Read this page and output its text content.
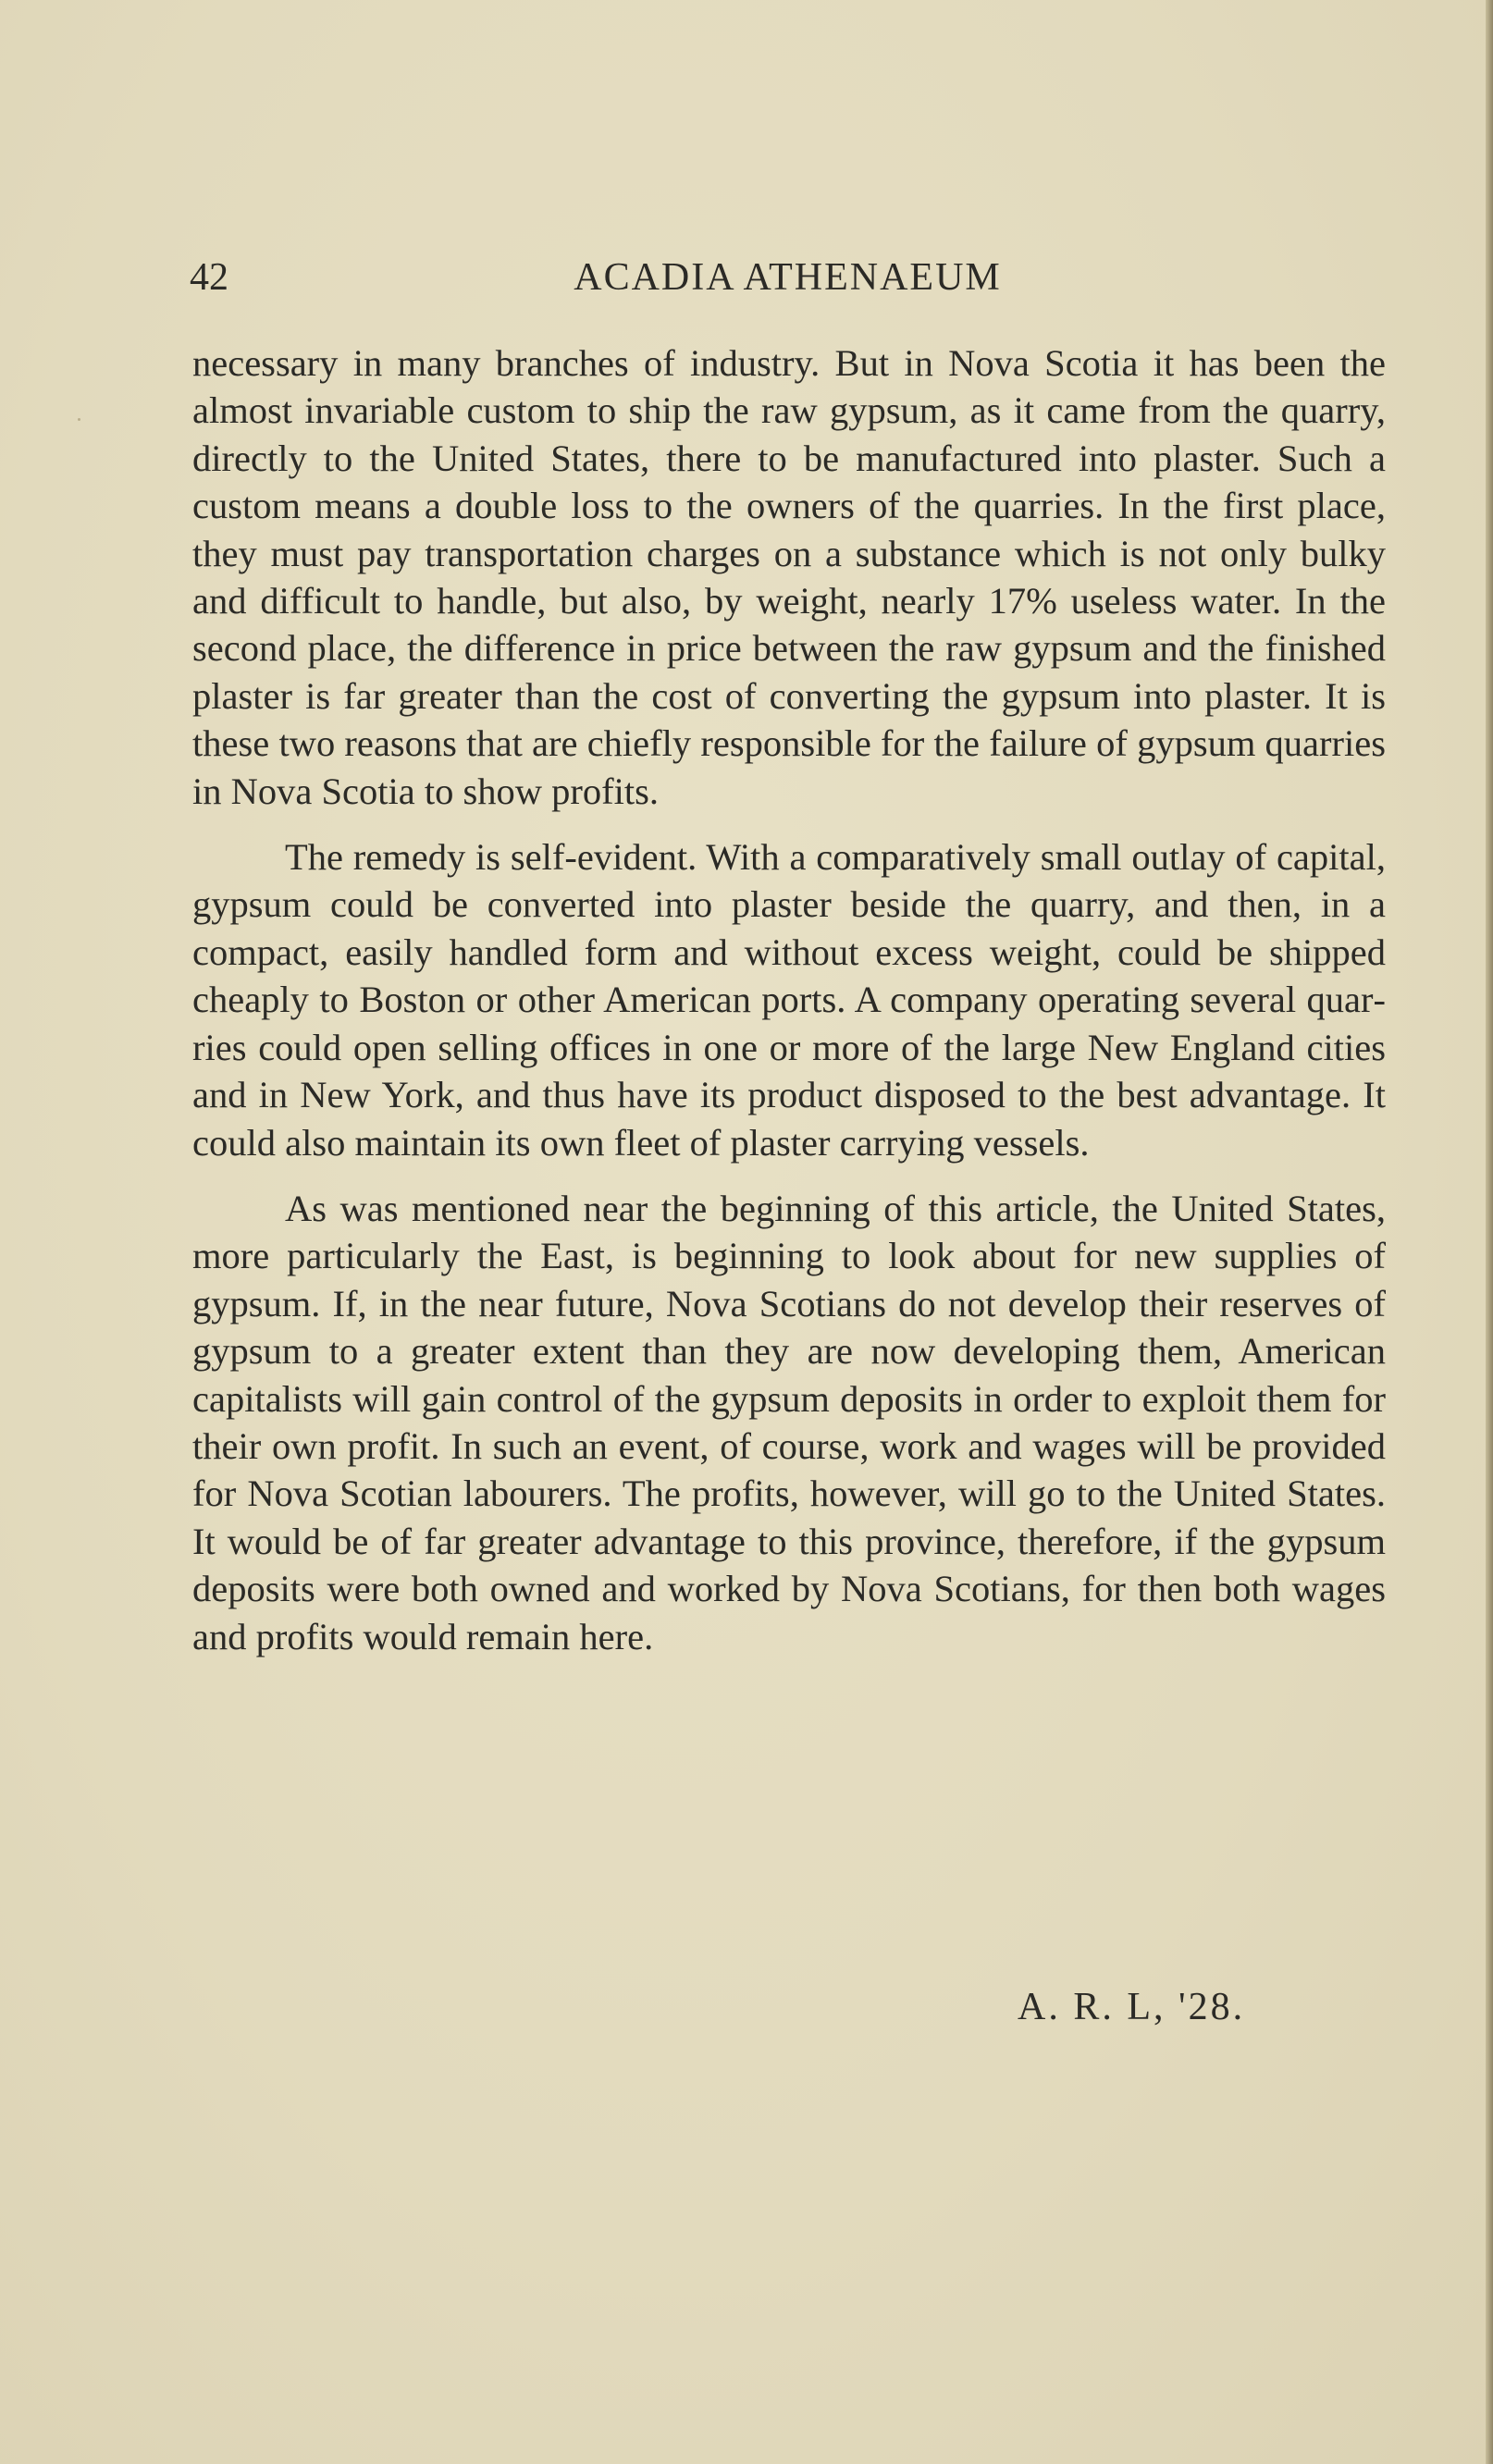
42	ACADIA ATHENAEUM

necessary in many branches of industry. But in Nova Scotia it has been the almost invariable custom to ship the raw gypsum, as it came from the quarry, directly to the United States, there to be manufactured into plaster. Such a custom means a double loss to the owners of the quarries. In the first place, they must pay transportation charges on a substance which is not only bulky and difficult to handle, but also, by weight, nearly 17% useless water. In the second place, the difference in price between the raw gypsum and the finished plaster is far greater than the cost of converting the gypsum into plaster. It is these two reasons that are chiefly responsible for the failure of gypsum quarries in Nova Scotia to show profits.

The remedy is self-evident. With a comparatively small outlay of capital, gypsum could be converted into plaster beside the quarry, and then, in a compact, easily handled form and without excess weight, could be shipped cheaply to Boston or other American ports. A company operating several quarries could open selling offices in one or more of the large New England cities and in New York, and thus have its product disposed to the best advantage. It could also maintain its own fleet of plaster carrying vessels.

As was mentioned near the beginning of this article, the United States, more particularly the East, is beginning to look about for new supplies of gypsum. If, in the near future, Nova Scotians do not develop their reserves of gypsum to a greater extent than they are now developing them, American capitalists will gain control of the gypsum deposits in order to exploit them for their own profit. In such an event, of course, work and wages will be provided for Nova Scotian labourers. The profits, however, will go to the United States. It would be of far greater advantage to this province, therefore, if the gypsum deposits were both owned and worked by Nova Scotians, for then both wages and profits would remain here.

A. R. L, '28.
